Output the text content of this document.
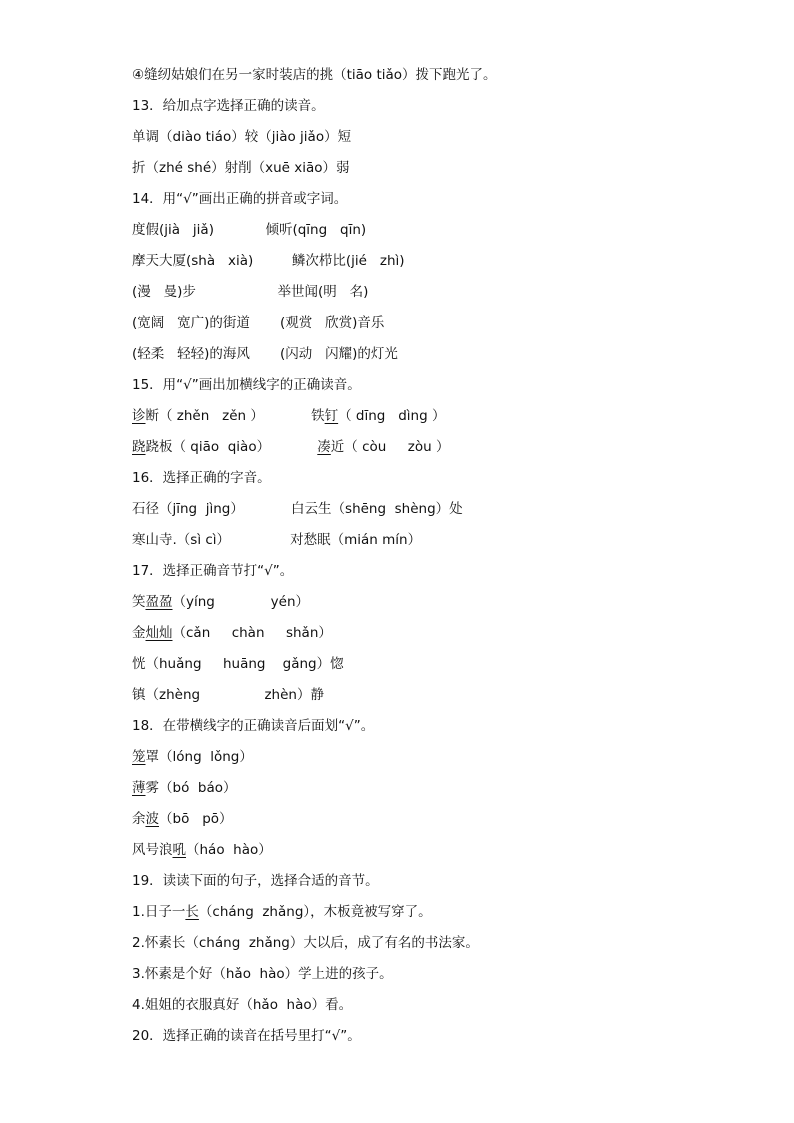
④缝纫姑娘们在另一家时装店的挑（tiāo tiǎo）拨下跑光了。
13．给加点字选择正确的读音。
单调（diào tiáo）较（jiào jiǎo）短
折（zhé shé）射削（xuē xiāo）弱
14．用“√”画出正确的拼音或字词。
度假(jià   jiǎ)            倾听(qīng   qīn)
摩天大厦(shà   xià)         鳞次栉比(jié   zhì)
(漫   曼)步                   举世闻(明   名)
(宽阔   宽广)的街道       (观赏   欣赏)音乐
(轻柔   轻轻)的海风       (闪动   闪耀)的灯光
15．用“√”画出加横线字的正确读音。
诊断（ zhěn   zěn ）           铁钉（ dīng   dìng ）
跷跷板（ qiāo  qiào）           凑近（ còu     zòu ）
16．选择正确的字音。
石径（jīng  jìng）           白云生（shēng  shèng）处
寒山寺.（sì cì）              对愁眠（mián mín）
17．选择正确音节打“√”。
笑盈盈（yíng             yén）
金灿灿（cǎn     chàn     shǎn）
恍（huǎng     huāng    gǎng）惚
镇（zhèng               zhèn）静
18．在带横线字的正确读音后面划“√”。
笼罩（lóng  lǒng）
薄雾（bó  báo）
余波（bō   pō）
风号浪吼（háo  hào）
19．读读下面的句子，选择合适的音节。
1.日子一长（cháng  zhǎng），木板竟被写穿了。
2.怀素长（cháng  zhǎng）大以后，成了有名的书法家。
3.怀素是个好（hǎo  hào）学上进的孩子。
4.姐姐的衣服真好（hǎo  hào）看。
20．选择正确的读音在括号里打“√”。
